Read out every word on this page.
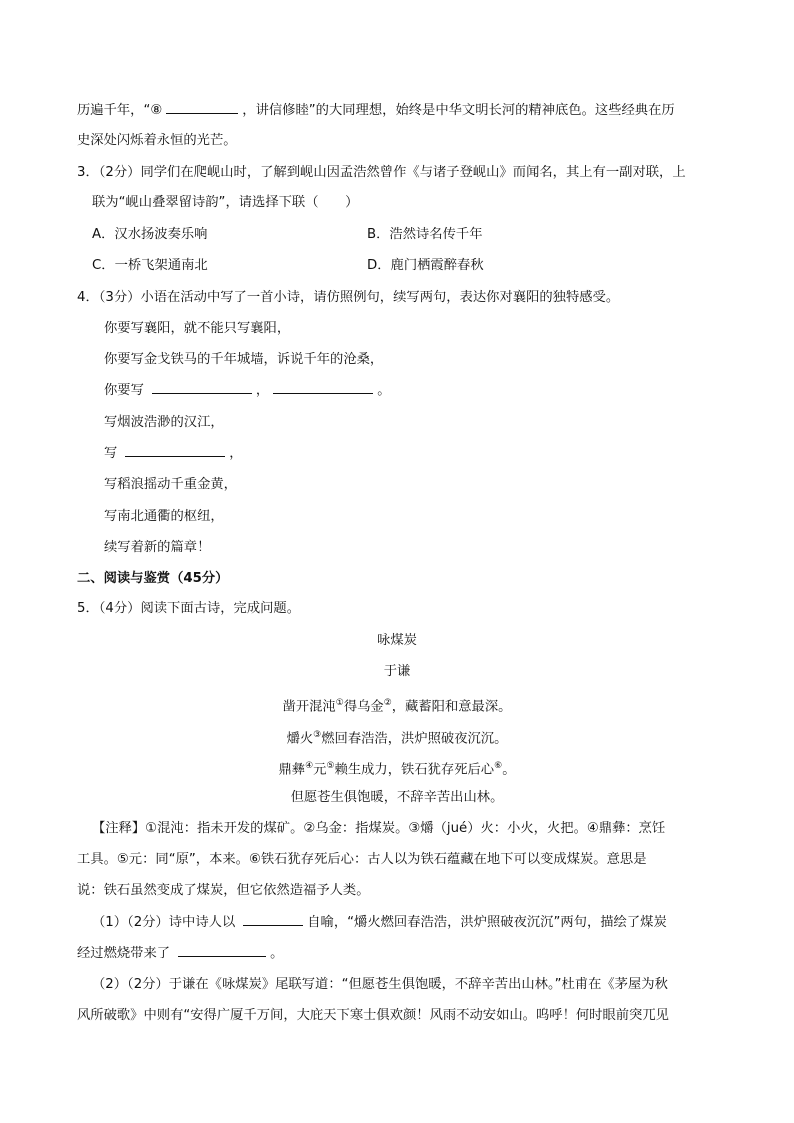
历遍千年，“⑧	，讲信修睦”的大同理想，始终是中华文明长河的精神底色。这些经典在历
史深处闪烁着永恒的光芒。
3．（2分）同学们在爬岘山时，了解到岘山因孟浩然曾作《与诸子登岘山》而闻名，其上有一副对联，上
联为“岘山叠翠留诗韵”，请选择下联（　　）
A．汉水扬波奏乐响	B．浩然诗名传千年
C．一桥飞架通南北	D．鹿门栖霞醉春秋
4．（3分）小语在活动中写了一首小诗，请仿照例句，续写两句，表达你对襄阳的独特感受。
你要写襄阳，就不能只写襄阳，
你要写金戈铁马的千年城墙，诉说千年的沧桑，
你要写	，	。
写烟波浩渺的汉江，
写	，
写稻浪摇动千重金黄，
写南北通衢的枢纽，
续写着新的篇章！
二、阅读与鉴赏（45分）
5．（4分）阅读下面古诗，完成问题。
咏煤炭
于谦
凿开混沌①得乌金②，藏蓄阳和意最深。
爝火③燃回春浩浩，洪炉照破夜沉沉。
鼎彝④元⑤赖生成力，铁石犹存死后心⑥。
但愿苍生俱饱暖，不辞辛苦出山林。
【注释】①混沌：指未开发的煤矿。②乌金：指煤炭。③爝（jué）火：小火，火把。④鼎彝：烹饪
工具。⑤元：同“原”，本来。⑥铁石犹存死后心：古人以为铁石蕴藏在地下可以变成煤炭。意思是
说：铁石虽然变成了煤炭，但它依然造福予人类。
（1）（2分）诗中诗人以	自喻，“爝火燃回春浩浩，洪炉照破夜沉沉”两句，描绘了煤炭
经过燃烧带来了	。
（2）（2分）于谦在《咏煤炭》尾联写道：“但愿苍生俱饱暖，不辞辛苦出山林。”杜甫在《茅屋为秋
风所破歌》中则有“安得广厦千万间，大庇天下寒士俱欢颜！风雨不动安如山。呜呼！何时眼前突兀见
